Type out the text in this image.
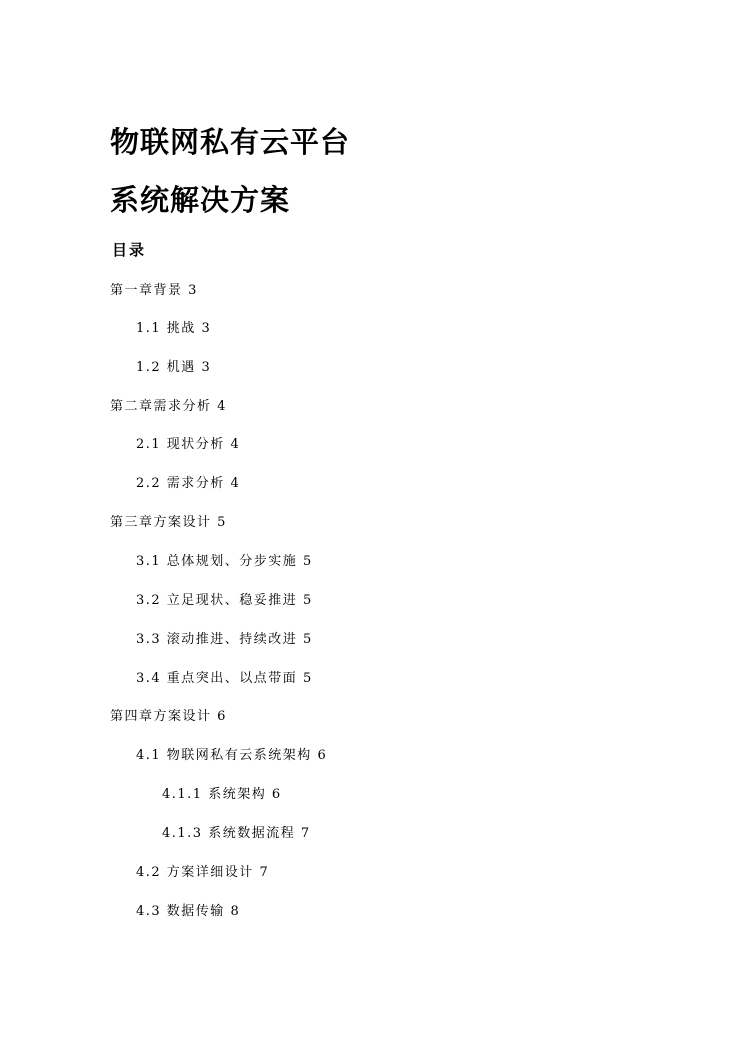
物联网私有云平台
系统解决方案
目录
第一章背景 3
1.1 挑战 3
1.2 机遇 3
第二章需求分析 4
2.1 现状分析 4
2.2 需求分析 4
第三章方案设计 5
3.1 总体规划、分步实施 5
3.2 立足现状、稳妥推进 5
3.3 滚动推进、持续改进 5
3.4 重点突出、以点带面 5
第四章方案设计 6
4.1 物联网私有云系统架构 6
4.1.1 系统架构 6
4.1.3 系统数据流程 7
4.2 方案详细设计 7
4.3 数据传输 8
